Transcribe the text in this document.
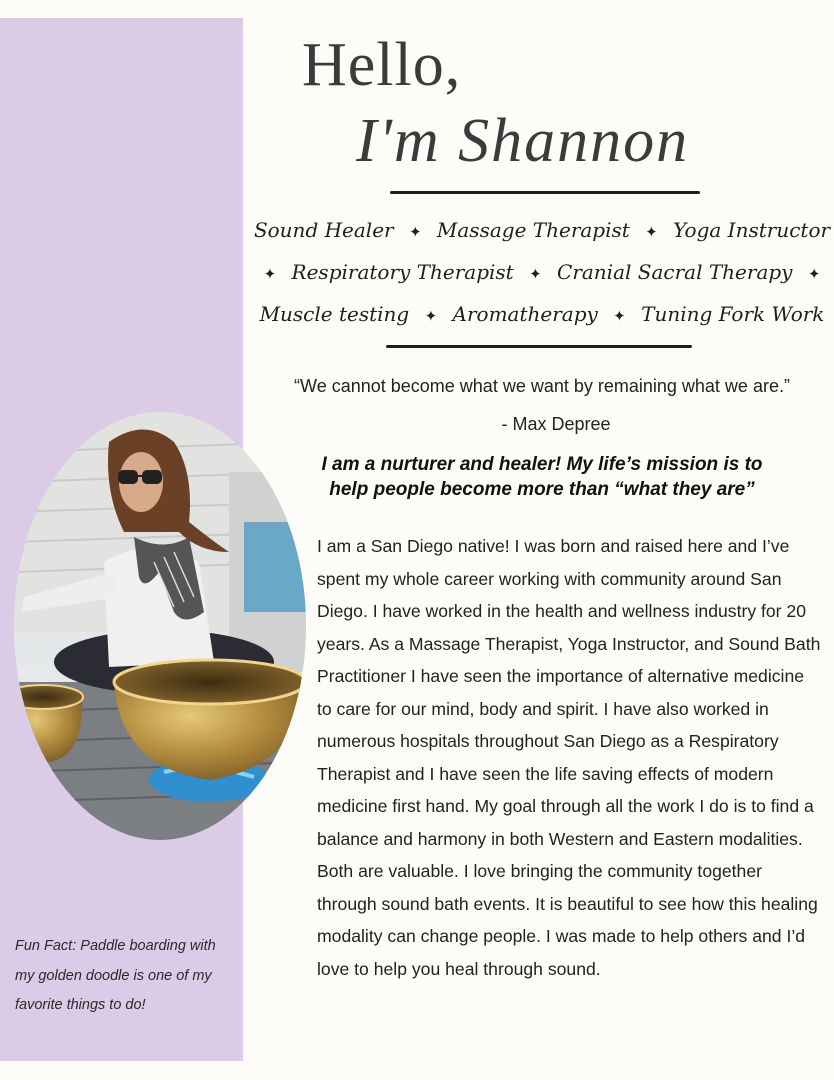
Hello,
I'm Shannon
Sound Healer ✦ Massage Therapist ✦ Yoga Instructor
✦ Respiratory Therapist ✦ Cranial Sacral Therapy ✦
Muscle testing ✦ Aromatherapy ✦ Tuning Fork Work
“We cannot become what we want by remaining what we are.”
- Max Depree
I am a nurturer and healer! My life’s mission is to
help people become more than “what they are”
I am a San Diego native! I was born and raised here and I’ve spent my whole career working with community around San Diego. I have worked in the health and wellness industry for 20 years. As a Massage Therapist, Yoga Instructor, and Sound Bath Practitioner I have seen the importance of alternative medicine to care for our mind, body and spirit. I have also worked in numerous hospitals throughout San Diego as a Respiratory Therapist and I have seen the life saving effects of modern medicine first hand. My goal through all the work I do is to find a balance and harmony in both Western and Eastern modalities. Both are valuable. I love bringing the community together through sound bath events. It is beautiful to see how this healing modality can change people. I was made to help others and I’d love to help you heal through sound.
Fun Fact: Paddle boarding with my golden doodle is one of my favorite things to do!
